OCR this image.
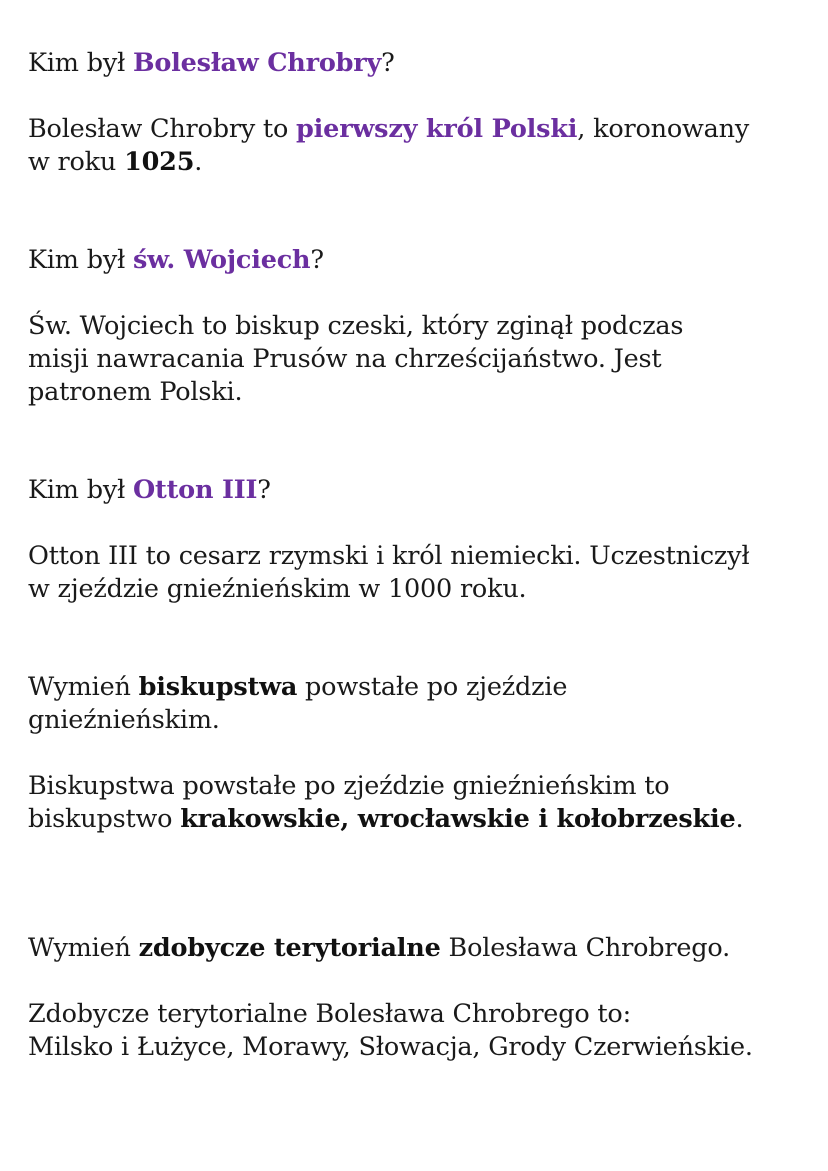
Kim był Bolesław Chrobry?

Bolesław Chrobry to pierwszy król Polski, koronowany
w roku 1025.

Kim był św. Wojciech?

Św. Wojciech to biskup czeski, który zginął podczas
misji nawracania Prusów na chrześcijaństwo. Jest
patronem Polski.

Kim był Otton III?

Otton III to cesarz rzymski i król niemiecki. Uczestniczył
w zjeździe gnieźnieńskim w 1000 roku.

Wymień biskupstwa powstałe po zjeździe
gnieźnieńskim.

Biskupstwa powstałe po zjeździe gnieźnieńskim to
biskupstwo krakowskie, wrocławskie i kołobrzeskie.

Wymień zdobycze terytorialne Bolesława Chrobrego.

Zdobycze terytorialne Bolesława Chrobrego to:
Milsko i Łużyce, Morawy, Słowacja, Grody Czerwieńskie.
